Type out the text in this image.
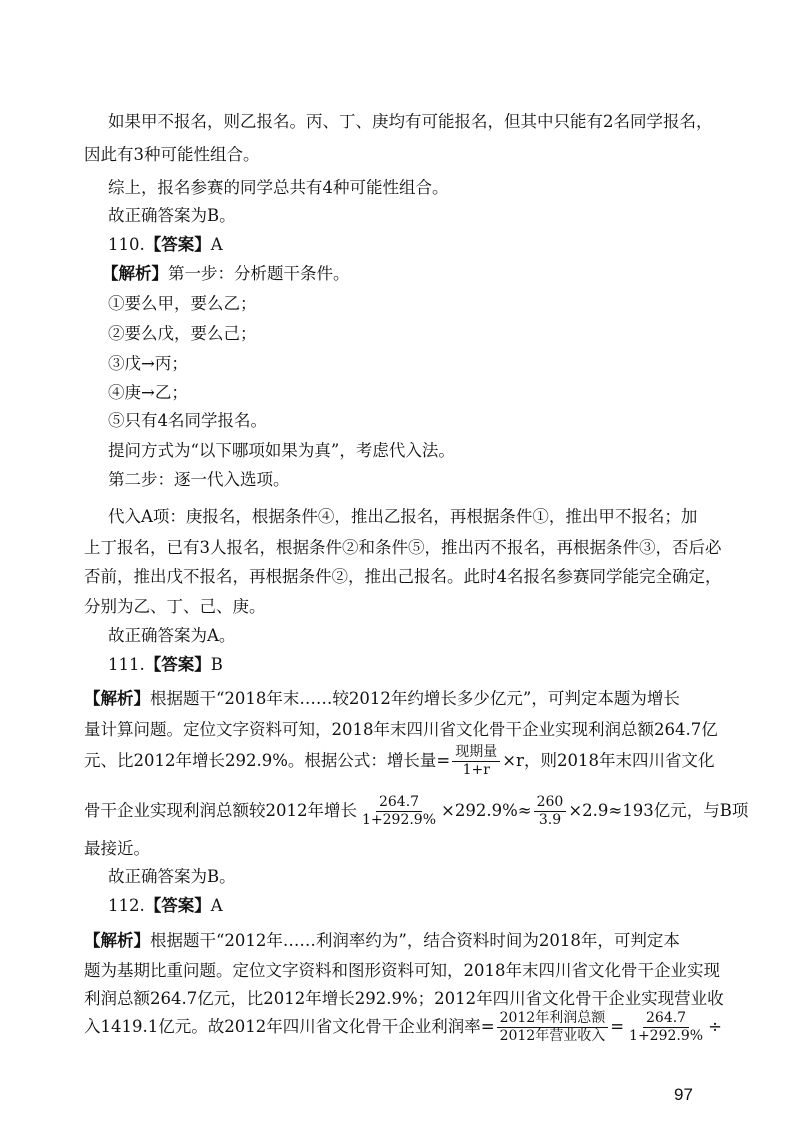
如果甲不报名，则乙报名。丙、丁、庚均有可能报名，但其中只能有2名同学报名，
因此有3种可能性组合。
综上，报名参赛的同学总共有4种可能性组合。
故正确答案为B。
110.【答案】A
【解析】第一步：分析题干条件。
①要么甲，要么乙；
②要么戊，要么己；
③戊→丙；
④庚→乙；
⑤只有4名同学报名。
提问方式为“以下哪项如果为真”，考虑代入法。
第二步：逐一代入选项。
代入A项：庚报名，根据条件④，推出乙报名，再根据条件①，推出甲不报名；加
上丁报名，已有3人报名，根据条件②和条件⑤，推出丙不报名，再根据条件③，否后必
否前，推出戊不报名，再根据条件②，推出己报名。此时4名报名参赛同学能完全确定，
分别为乙、丁、己、庚。
故正确答案为A。
111.【答案】B
【解析】根据题干“2018年末……较2012年约增长多少亿元”，可判定本题为增长
量计算问题。定位文字资料可知，2018年末四川省文化骨干企业实现利润总额264.7亿
元、比2012年增长292.9%。根据公式：增长量= $\frac{\text{现期量}}{1+r} \times r$，则2018年末四川省文化
骨干企业实现利润总额较2012年增长 $\frac{264.7}{1+292.9\%} \times 292.9\%\approx \frac{260}{3.9} \times 2.9\approx 193$亿元，与B项
最接近。
故正确答案为B。
112.【答案】A
【解析】根据题干“2012年……利润率约为”，结合资料时间为2018年，可判定本
题为基期比重问题。定位文字资料和图形资料可知，2018年末四川省文化骨干企业实现
利润总额264.7亿元，比2012年增长292.9%；2012年四川省文化骨干企业实现营业收
入1419.1亿元。故2012年四川省文化骨干企业利润率= $\frac{\text{2012年利润总额}}{\text{2012年营业收入}} = \frac{264.7}{1+292.9\%}$ ÷
97
